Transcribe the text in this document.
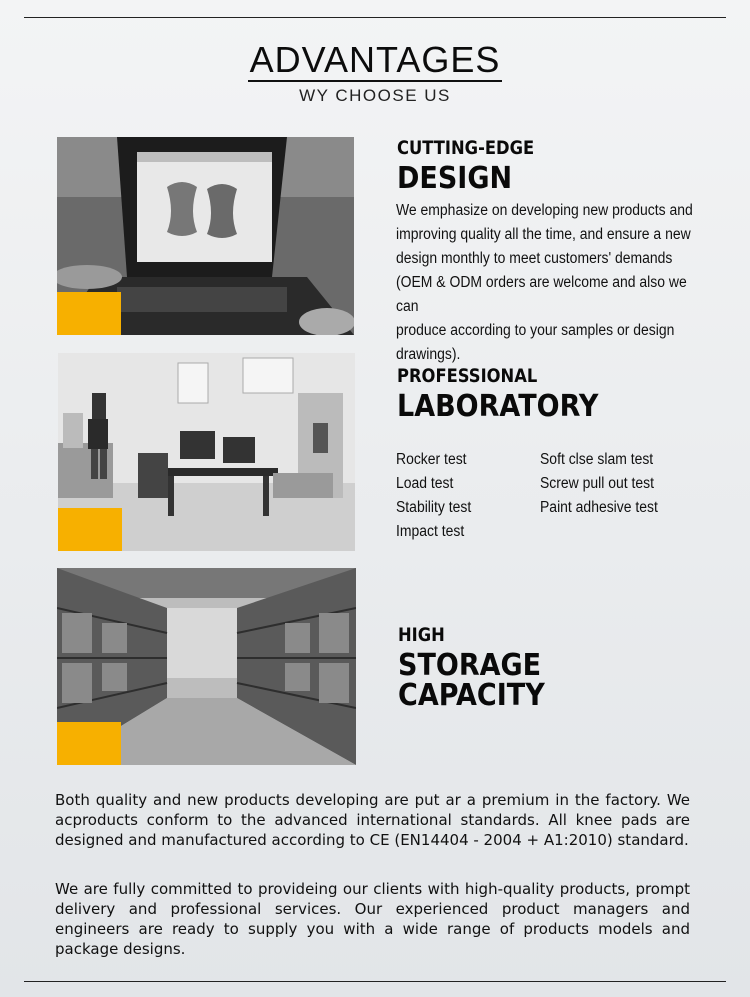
ADVANTAGES
WY CHOOSE US
CUTTING-EDGE
DESIGN
We emphasize on developing new products and
improving quality all the time, and ensure a new
design monthly to meet customers' demands
(OEM & ODM orders are welcome and also we can
produce according to your samples or design
drawings).
PROFESSIONAL
LABORATORY
Rocker test	Soft clse slam test
Load test	Screw pull out test
Stability test	Paint adhesive test
Impact test
HIGH
STORAGE
CAPACITY
Both quality and new products developing are put ar a premium in the factory. We acproducts conform to the advanced international standards. All knee pads are designed and manufactured according to CE (EN14404 - 2004 + A1:2010) standard.
We are fully committed to provideing our clients with high-quality products, prompt delivery and professional services. Our experienced product managers and engineers are ready to supply you with a wide range of products models and package designs.
